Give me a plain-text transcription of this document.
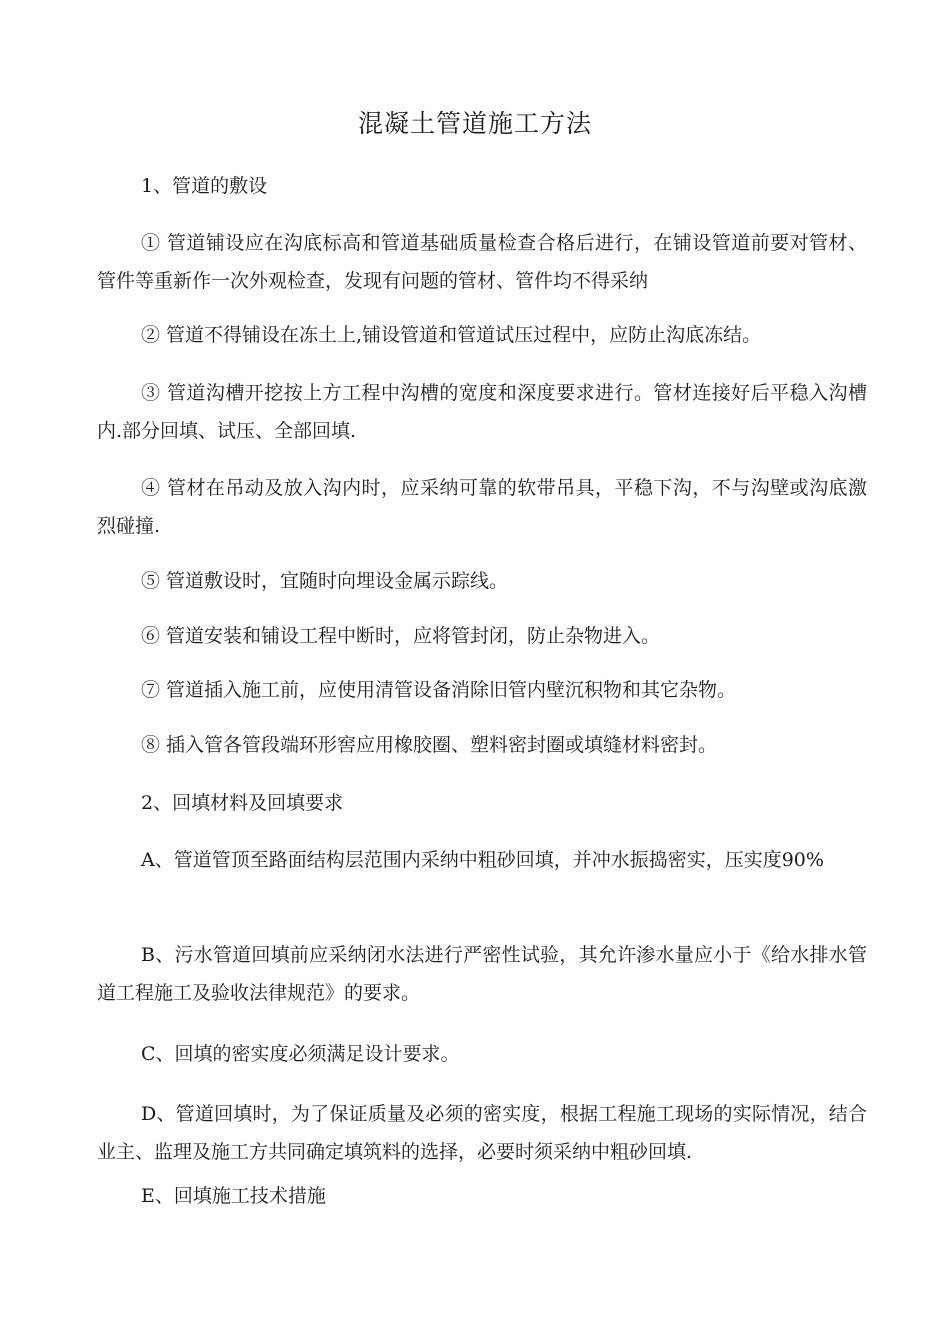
混凝土管道施工方法

1、管道的敷设

① 管道铺设应在沟底标高和管道基础质量检查合格后进行，在铺设管道前要对管材、管件等重新作一次外观检查，发现有问题的管材、管件均不得采纳

② 管道不得铺设在冻土上,铺设管道和管道试压过程中，应防止沟底冻结。

③ 管道沟槽开挖按上方工程中沟槽的宽度和深度要求进行。管材连接好后平稳入沟槽内.部分回填、试压、全部回填.

④ 管材在吊动及放入沟内时，应采纳可靠的软带吊具，平稳下沟，不与沟壁或沟底激烈碰撞.

⑤ 管道敷设时，宜随时向埋设金属示踪线。

⑥ 管道安装和铺设工程中断时，应将管封闭，防止杂物进入。

⑦ 管道插入施工前，应使用清管设备消除旧管内壁沉积物和其它杂物。

⑧ 插入管各管段端环形窖应用橡胶圈、塑料密封圈或填缝材料密封。

2、回填材料及回填要求

A、管道管顶至路面结构层范围内采纳中粗砂回填，并冲水振捣密实，压实度90%

B、污水管道回填前应采纳闭水法进行严密性试验，其允许渗水量应小于《给水排水管道工程施工及验收法律规范》的要求。

C、回填的密实度必须满足设计要求。

D、管道回填时，为了保证质量及必须的密实度，根据工程施工现场的实际情况，结合业主、监理及施工方共同确定填筑料的选择，必要时须采纳中粗砂回填.

E、回填施工技术措施
